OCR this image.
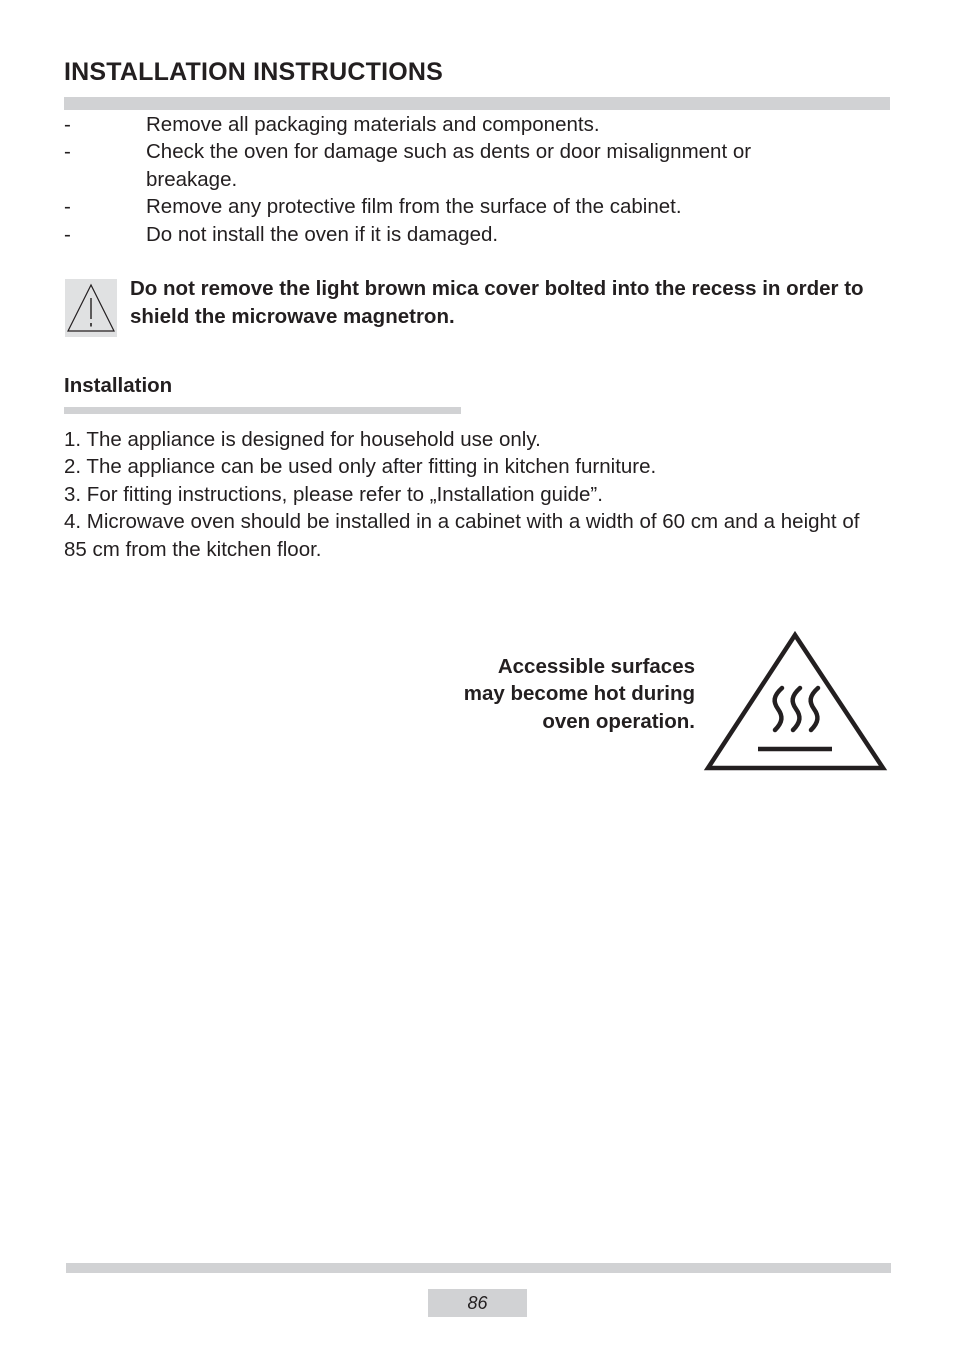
INSTALLATION INSTRUCTIONS
-	Remove all packaging materials and components.
-	Check the oven for damage such as dents or door misalignment or breakage.
-	Remove any protective film from the surface of the cabinet.
-	Do not install the oven if it is damaged.
Do not remove the light brown mica cover bolted into the recess in order to shield the microwave magnetron.
Installation
1. The appliance is designed for household use only.
2. The appliance can be used only after fitting in kitchen furniture.
3. For fitting instructions, please refer to „Installation guide”.
4. Microwave oven should be installed in a cabinet with a width of 60 cm and a height of 85 cm from the kitchen floor.
Accessible surfaces
may become hot during
oven operation.
86
